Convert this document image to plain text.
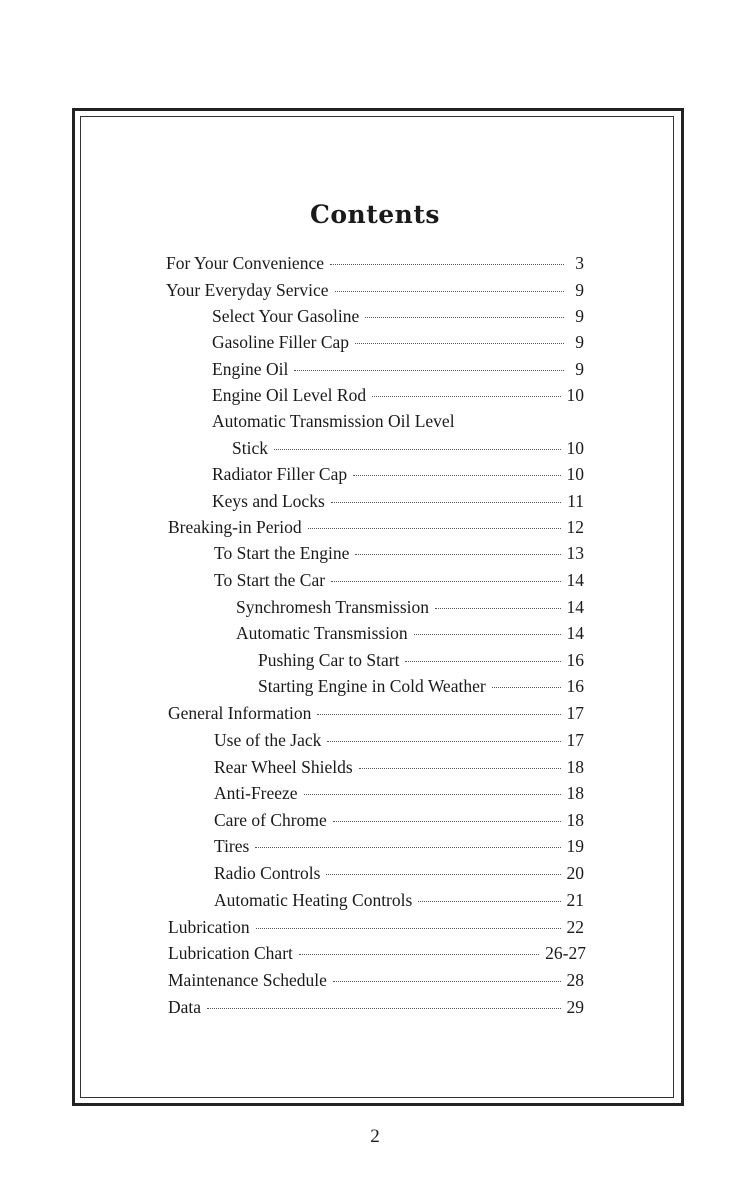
Contents
For Your Convenience	3
Your Everyday Service	9
Select Your Gasoline	9
Gasoline Filler Cap	9
Engine Oil	9
Engine Oil Level Rod	10
Automatic Transmission Oil Level
Stick	10
Radiator Filler Cap	10
Keys and Locks	11
Breaking-in Period	12
To Start the Engine	13
To Start the Car	14
Synchromesh Transmission	14
Automatic Transmission	14
Pushing Car to Start	16
Starting Engine in Cold Weather	16
General Information	17
Use of the Jack	17
Rear Wheel Shields	18
Anti-Freeze	18
Care of Chrome	18
Tires	19
Radio Controls	20
Automatic Heating Controls	21
Lubrication	22
Lubrication Chart	26-27
Maintenance Schedule	28
Data	29
2
